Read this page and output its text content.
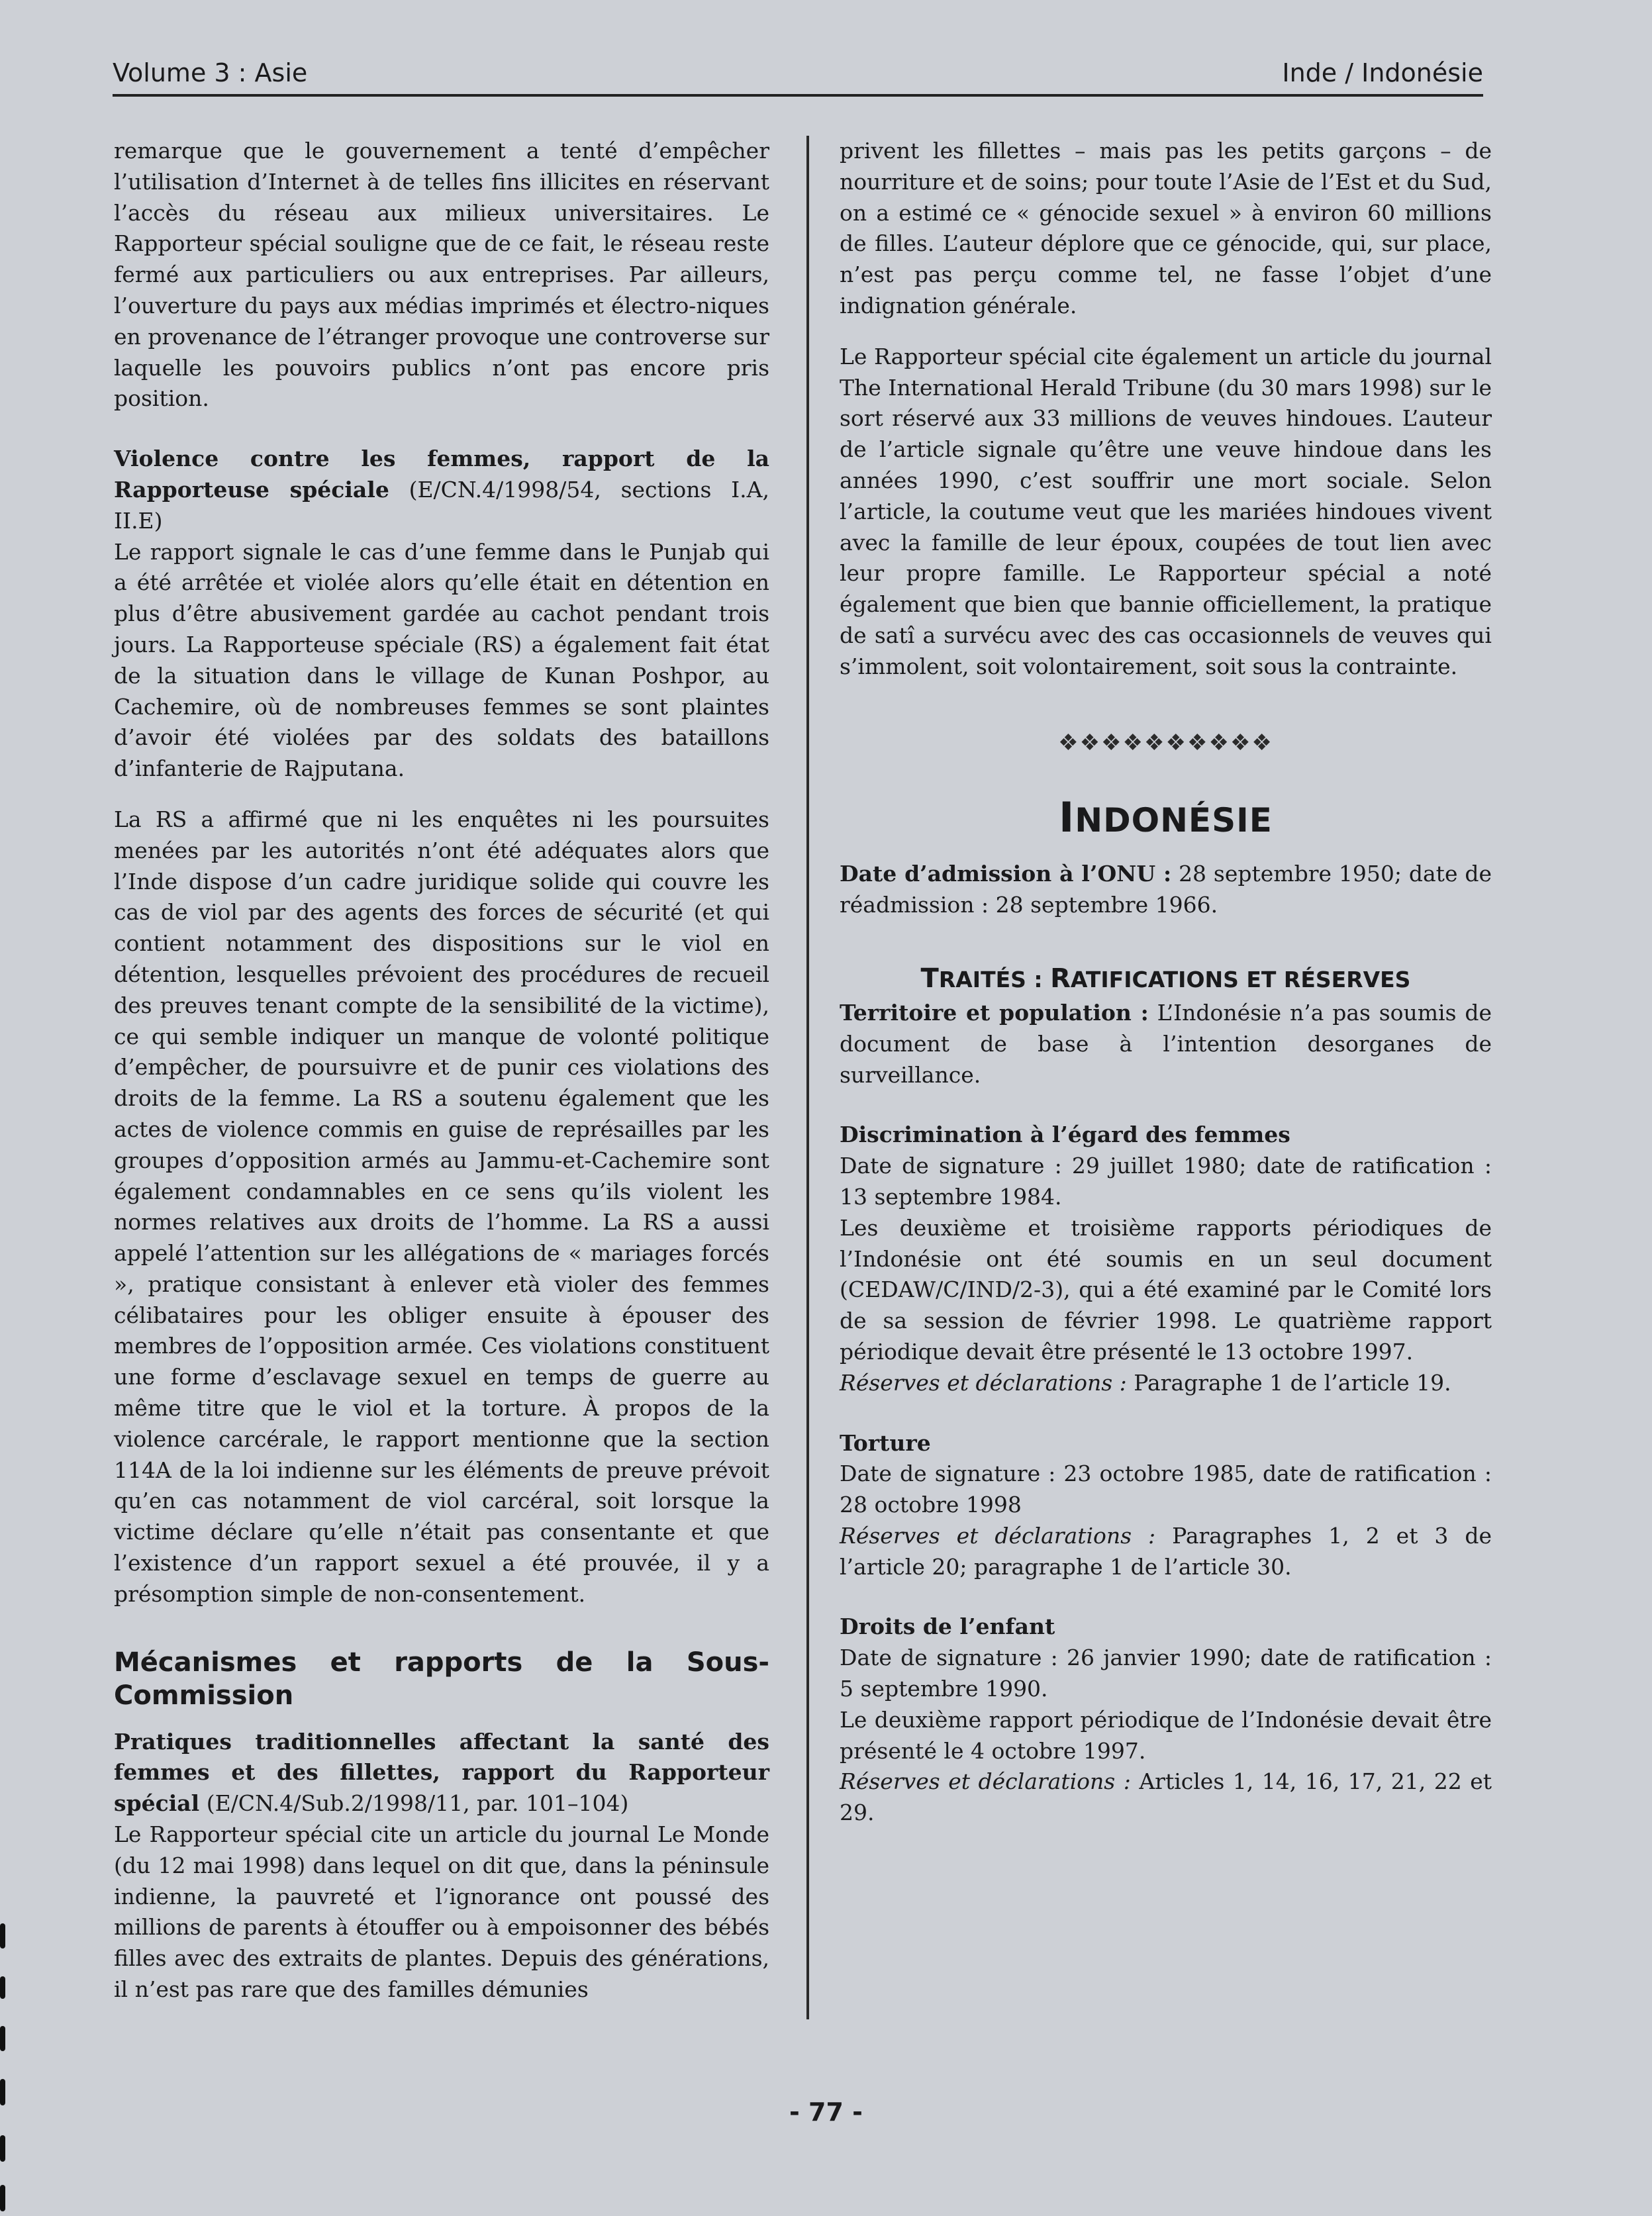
Volume 3 : Asie	Inde / Indonésie

remarque que le gouvernement a tenté d’empêcher l’utilisation d’Internet à de telles fins illicites en réservant l’accès du réseau aux milieux universitaires. Le Rapporteur spécial souligne que de ce fait, le réseau reste fermé aux particuliers ou aux entreprises. Par ailleurs, l’ouverture du pays aux médias imprimés et électro-niques en provenance de l’étranger provoque une controverse sur laquelle les pouvoirs publics n’ont pas encore pris position.

Violence contre les femmes, rapport de la Rapporteuse spéciale (E/CN.4/1998/54, sections I.A, II.E)

Le rapport signale le cas d’une femme dans le Punjab qui a été arrêtée et violée alors qu’elle était en détention en plus d’être abusivement gardée au cachot pendant trois jours. La Rapporteuse spéciale (RS) a également fait état de la situation dans le village de Kunan Poshpor, au Cachemire, où de nombreuses femmes se sont plaintes d’avoir été violées par des soldats des bataillons d’infanterie de Rajputana.

La RS a affirmé que ni les enquêtes ni les poursuites menées par les autorités n’ont été adéquates alors que l’Inde dispose d’un cadre juridique solide qui couvre les cas de viol par des agents des forces de sécurité (et qui contient notamment des dispositions sur le viol en détention, lesquelles prévoient des procédures de recueil des preuves tenant compte de la sensibilité de la victime), ce qui semble indiquer un manque de volonté politique d’empêcher, de poursuivre et de punir ces violations des droits de la femme. La RS a soutenu également que les actes de violence commis en guise de représailles par les groupes d’opposition armés au Jammu-et-Cachemire sont également condamnables en ce sens qu’ils violent les normes relatives aux droits de l’homme. La RS a aussi appelé l’attention sur les allégations de « mariages forcés », pratique consistant à enlever età violer des femmes célibataires pour les obliger ensuite à épouser des membres de l’opposition armée. Ces violations constituent une forme d’esclavage sexuel en temps de guerre au même titre que le viol et la torture. À propos de la violence carcérale, le rapport mentionne que la section 114A de la loi indienne sur les éléments de preuve prévoit qu’en cas notamment de viol carcéral, soit lorsque la victime déclare qu’elle n’était pas consentante et que l’existence d’un rapport sexuel a été prouvée, il y a présomption simple de non-consentement.

Mécanismes et rapports de la Sous-Commission

Pratiques traditionnelles affectant la santé des femmes et des fillettes, rapport du Rapporteur spécial (E/CN.4/Sub.2/1998/11, par. 101–104)

Le Rapporteur spécial cite un article du journal Le Monde (du 12 mai 1998) dans lequel on dit que, dans la péninsule indienne, la pauvreté et l’ignorance ont poussé des millions de parents à étouffer ou à empoisonner des bébés filles avec des extraits de plantes. Depuis des générations, il n’est pas rare que des familles démunies

privent les fillettes – mais pas les petits garçons – de nourriture et de soins; pour toute l’Asie de l’Est et du Sud, on a estimé ce « génocide sexuel » à environ 60 millions de filles. L’auteur déplore que ce génocide, qui, sur place, n’est pas perçu comme tel, ne fasse l’objet d’une indignation générale.

Le Rapporteur spécial cite également un article du journal The International Herald Tribune (du 30 mars 1998) sur le sort réservé aux 33 millions de veuves hindoues. L’auteur de l’article signale qu’être une veuve hindoue dans les années 1990, c’est souffrir une mort sociale. Selon l’article, la coutume veut que les mariées hindoues vivent avec la famille de leur époux, coupées de tout lien avec leur propre famille. Le Rapporteur spécial a noté également que bien que bannie officiellement, la pratique de satî a survécu avec des cas occasionnels de veuves qui s’immolent, soit volontairement, soit sous la contrainte.

❖❖❖❖❖❖❖❖❖❖
INDONÉSIE

Date d’admission à l’ONU : 28 septembre 1950; date de réadmission : 28 septembre 1966.

TRAITÉS : RATIFICATIONS ET RÉSERVES

Territoire et population : L’Indonésie n’a pas soumis de document de base à l’intention desorganes de surveillance.

Discrimination à l’égard des femmes

Date de signature : 29 juillet 1980; date de ratification : 13 septembre 1984.

Les deuxième et troisième rapports périodiques de l’Indonésie ont été soumis en un seul document (CEDAW/C/IND/2-3), qui a été examiné par le Comité lors de sa session de février 1998. Le quatrième rapport périodique devait être présenté le 13 octobre 1997.

Réserves et déclarations : Paragraphe 1 de l’article 19.

Torture

Date de signature : 23 octobre 1985, date de ratification : 28 octobre 1998

Réserves et déclarations : Paragraphes 1, 2 et 3 de l’article 20; paragraphe 1 de l’article 30.

Droits de l’enfant

Date de signature : 26 janvier 1990; date de ratification : 5 septembre 1990.

Le deuxième rapport périodique de l’Indonésie devait être présenté le 4 octobre 1997.

Réserves et déclarations : Articles 1, 14, 16, 17, 21, 22 et 29.

- 77 -
